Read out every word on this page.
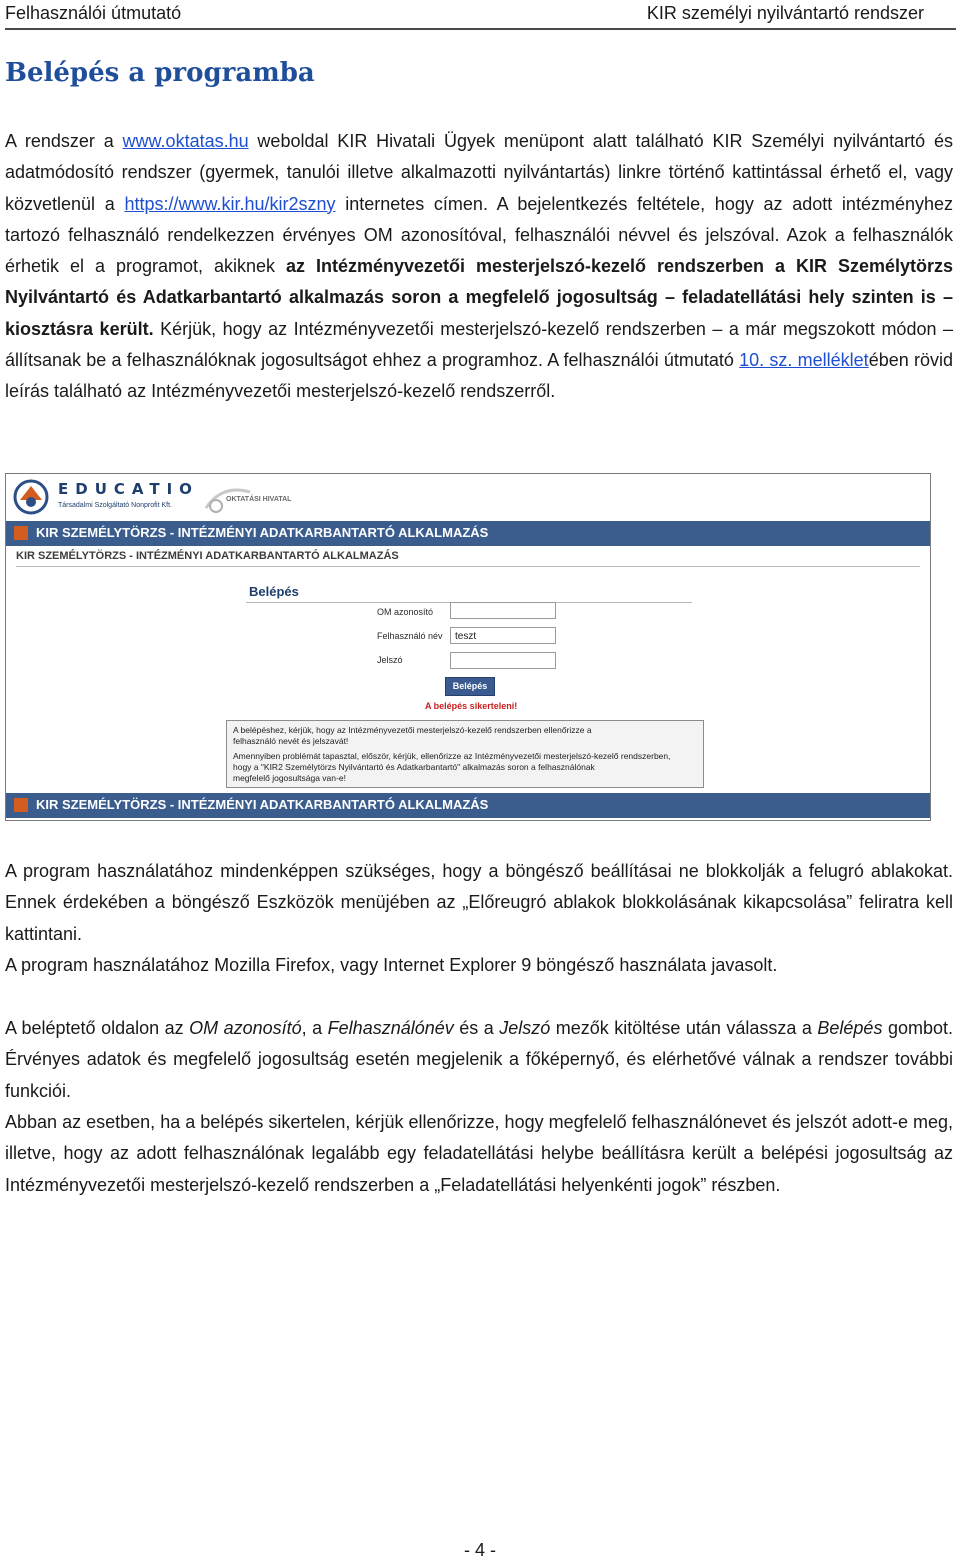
Felhasználói útmutató	KIR személyi nyilvántartó rendszer
Belépés a programba
A rendszer a www.oktatas.hu weboldal KIR Hivatali Ügyek menüpont alatt található KIR Személyi nyilvántartó és adatmódosító rendszer (gyermek, tanulói illetve alkalmazotti nyilvántartás) linkre történő kattintással érhető el, vagy közvetlenül a https://www.kir.hu/kir2szny internetes címen. A bejelentkezés feltétele, hogy az adott intézményhez tartozó felhasználó rendelkezzen érvényes OM azonosítóval, felhasználói névvel és jelszóval. Azok a felhasználók érhetik el a programot, akiknek az Intézményvezetői mesterjelszó-kezelő rendszerben a KIR Személytörzs Nyilvántartó és Adatkarbantartó alkalmazás soron a megfelelő jogosultság – feladatellátási hely szinten is – kiosztásra került. Kérjük, hogy az Intézményvezetői mesterjelszó-kezelő rendszerben – a már megszokott módon – állítsanak be a felhasználóknak jogosultságot ehhez a programhoz. A felhasználói útmutató 10. sz. mellékletében rövid leírás található az Intézményvezetői mesterjelszó-kezelő rendszerről.
EDUCATIO
Társadalmi Szolgáltató Nonprofit Kft.
OKTATÁSI HIVATAL
KIR SZEMÉLYTÖRZS - INTÉZMÉNYI ADATKARBANTARTÓ ALKALMAZÁS
KIR SZEMÉLYTÖRZS - INTÉZMÉNYI ADATKARBANTARTÓ ALKALMAZÁS
Belépés
OM azonosító
Felhasználó név	teszt
Jelszó
Belépés
A belépés sikerteleni!
A belépéshez, kérjük, hogy az Intézményvezetői mesterjelszó-kezelő rendszerben ellenőrizze a
felhasználó nevét és jelszavát!
Amennyiben problémát tapasztal, először, kérjük, ellenőrizze az Intézményvezetői mesterjelszó-kezelő rendszerben,
hogy a "KIR2 Személytörzs Nyilvántartó és Adatkarbantartó" alkalmazás soron a felhasználónak
megfelelő jogosultsága van-e!
KIR SZEMÉLYTÖRZS - INTÉZMÉNYI ADATKARBANTARTÓ ALKALMAZÁS
A program használatához mindenképpen szükséges, hogy a böngésző beállításai ne blokkolják a felugró ablakokat. Ennek érdekében a böngésző Eszközök menüjében az „Előreugró ablakok blokkolásának kikapcsolása” feliratra kell kattintani.
A program használatához Mozilla Firefox, vagy Internet Explorer 9 böngésző használata javasolt.
A beléptető oldalon az OM azonosító, a Felhasználónév és a Jelszó mezők kitöltése után válassza a Belépés gombot. Érvényes adatok és megfelelő jogosultság esetén megjelenik a főképernyő, és elérhetővé válnak a rendszer további funkciói.
Abban az esetben, ha a belépés sikertelen, kérjük ellenőrizze, hogy megfelelő felhasználónevet és jelszót adott-e meg, illetve, hogy az adott felhasználónak legalább egy feladatellátási helybe beállításra került a belépési jogosultság az Intézményvezetői mesterjelszó-kezelő rendszerben a „Feladatellátási helyenkénti jogok” részben.
- 4 -
